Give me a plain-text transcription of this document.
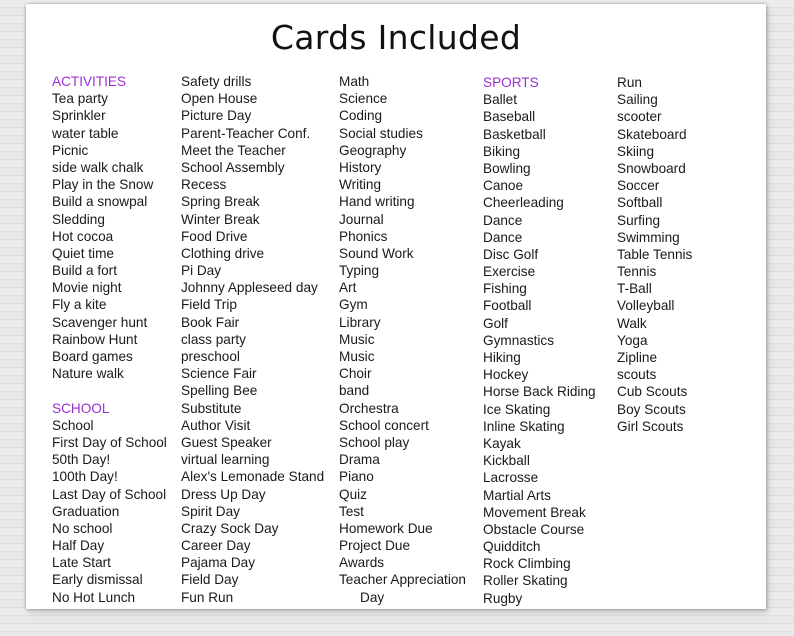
Cards Included
ACTIVITIES
Tea party
Sprinkler
water table
Picnic
side walk chalk
Play in the Snow
Build a snowpal
Sledding
Hot cocoa
Quiet time
Build a fort
Movie night
Fly a kite
Scavenger hunt
Rainbow Hunt
Board games
Nature walk
SCHOOL
School
First Day of School
50th Day!
100th Day!
Last Day of School
Graduation
No school
Half Day
Late Start
Early dismissal
No Hot Lunch
Safety drills
Open House
Picture Day
Parent-Teacher Conf.
Meet the Teacher
School Assembly
Recess
Spring Break
Winter Break
Food Drive
Clothing drive
Pi Day
Johnny Appleseed day
Field Trip
Book Fair
class party
preschool
Science Fair
Spelling Bee
Substitute
Author Visit
Guest Speaker
virtual learning
Alex's Lemonade Stand
Dress Up Day
Spirit Day
Crazy Sock Day
Career Day
Pajama Day
Field Day
Fun Run
Math
Science
Coding
Social studies
Geography
History
Writing
Hand writing
Journal
Phonics
Sound Work
Typing
Art
Gym
Library
Music
Music
Choir
band
Orchestra
School concert
School play
Drama
Piano
Quiz
Test
Homework Due
Project Due
Awards
Teacher Appreciation
Day
SPORTS
Ballet
Baseball
Basketball
Biking
Bowling
Canoe
Cheerleading
Dance
Dance
Disc Golf
Exercise
Fishing
Football
Golf
Gymnastics
Hiking
Hockey
Horse Back Riding
Ice Skating
Inline Skating
Kayak
Kickball
Lacrosse
Martial Arts
Movement Break
Obstacle Course
Quidditch
Rock Climbing
Roller Skating
Rugby
Run
Sailing
scooter
Skateboard
Skiing
Snowboard
Soccer
Softball
Surfing
Swimming
Table Tennis
Tennis
T-Ball
Volleyball
Walk
Yoga
Zipline
scouts
Cub Scouts
Boy Scouts
Girl Scouts
